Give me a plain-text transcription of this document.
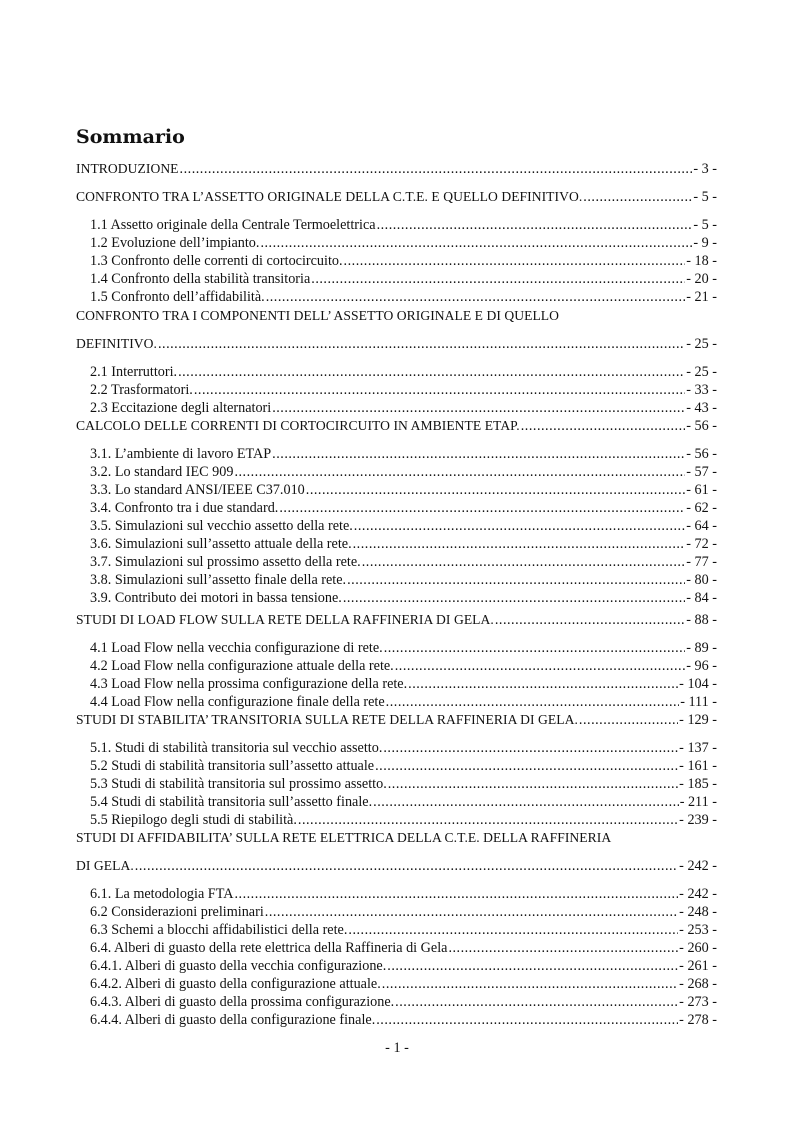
Sommario
INTRODUZIONE .....	- 3 -
CONFRONTO TRA L’ASSETTO ORIGINALE DELLA C.T.E. E QUELLO DEFINITIVO. .....	- 5 -
1.1 Assetto originale della Centrale Termoelettrica .....	- 5 -
1.2 Evoluzione dell’impianto. .....	- 9 -
1.3 Confronto delle correnti di cortocircuito. .....	- 18 -
1.4 Confronto della stabilità transitoria .....	- 20 -
1.5 Confronto dell’affidabilità. .....	- 21 -
CONFRONTO TRA I COMPONENTI DELL’ ASSETTO ORIGINALE E DI QUELLO
DEFINITIVO. .....	- 25 -
2.1 Interruttori. .....	- 25 -
2.2 Trasformatori. .....	- 33 -
2.3 Eccitazione degli alternatori .....	- 43 -
CALCOLO DELLE CORRENTI DI CORTOCIRCUITO IN AMBIENTE ETAP. .....	- 56 -
3.1. L’ambiente di lavoro ETAP .....	- 56 -
3.2. Lo standard IEC 909 .....	- 57 -
3.3. Lo standard ANSI/IEEE C37.010 .....	- 61 -
3.4. Confronto tra i due standard. .....	- 62 -
3.5. Simulazioni sul vecchio assetto della rete. .....	- 64 -
3.6. Simulazioni sull’assetto attuale della rete. .....	- 72 -
3.7. Simulazioni sul prossimo assetto della rete. .....	- 77 -
3.8. Simulazioni sull’assetto finale della rete. .....	- 80 -
3.9. Contributo dei motori in bassa tensione. .....	- 84 -
STUDI DI LOAD FLOW SULLA RETE DELLA RAFFINERIA DI GELA. .....	- 88 -
4.1 Load Flow nella vecchia configurazione di rete. .....	- 89 -
4.2 Load Flow nella configurazione attuale della rete. .....	- 96 -
4.3 Load Flow nella prossima configurazione della rete. .....	- 104 -
4.4 Load Flow nella configurazione finale della rete .....	- 111 -
STUDI DI STABILITA’ TRANSITORIA SULLA RETE DELLA RAFFINERIA DI GELA. .....	- 129 -
5.1. Studi di stabilità transitoria sul vecchio assetto. .....	- 137 -
5.2 Studi di stabilità transitoria sull’assetto attuale .....	- 161 -
5.3 Studi di stabilità transitoria sul prossimo assetto. .....	- 185 -
5.4 Studi di stabilità transitoria sull’assetto finale. .....	- 211 -
5.5 Riepilogo degli studi di stabilità. .....	- 239 -
STUDI DI AFFIDABILITA’ SULLA RETE ELETTRICA DELLA C.T.E. DELLA RAFFINERIA
DI GELA. .....	- 242 -
6.1. La metodologia FTA .....	- 242 -
6.2 Considerazioni preliminari .....	- 248 -
6.3 Schemi a blocchi affidabilistici della rete. .....	- 253 -
6.4. Alberi di guasto della rete elettrica della Raffineria di Gela .....	- 260 -
6.4.1. Alberi di guasto della vecchia configurazione. .....	- 261 -
6.4.2. Alberi di guasto della configurazione attuale. .....	- 268 -
6.4.3. Alberi di guasto della prossima configurazione. .....	- 273 -
6.4.4. Alberi di guasto della configurazione finale. .....	- 278 -
- 1 -
